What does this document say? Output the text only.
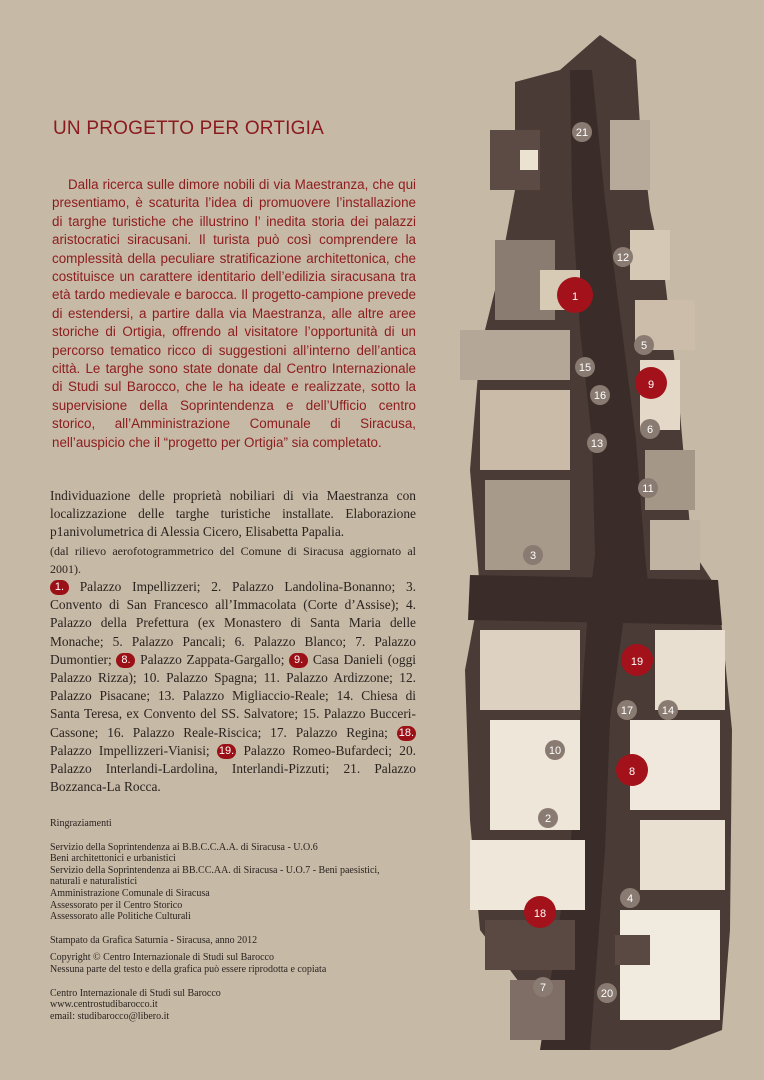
UN PROGETTO PER ORTIGIA

Dalla ricerca sulle dimore nobili di via Maestranza, che qui presentiamo, è scaturita l’idea di promuovere l’installazione di targhe turistiche che illustrino l’ inedita storia dei palazzi aristocratici siracusani. Il turista può così comprendere la complessità della peculiare stratificazione architettonica, che costituisce un carattere identitario dell’edilizia siracusana tra età tardo medievale e barocca. Il progetto-campione prevede di estendersi, a partire dalla via Maestranza, alle altre aree storiche di Ortigia, offrendo al visitatore l’opportunità di un percorso tematico ricco di suggestioni all’interno dell’antica città. Le targhe sono state donate dal Centro Internazionale di Studi sul Barocco, che le ha ideate e realizzate, sotto la supervisione della Soprintendenza e dell’Ufficio centro storico, all’Amministrazione Comunale di Siracusa, nell’auspicio che il “progetto per Ortigia” sia completato.

Individuazione delle proprietà nobiliari di via Maestranza con localizzazione delle targhe turistiche installate. Elaborazione p1anivolumetrica di Alessia Cicero, Elisabetta Papalia.

(dal rilievo aerofotogrammetrico del Comune di Siracusa aggiornato al 2001).

1. Palazzo Impellizzeri; 2. Palazzo Landolina-Bonanno; 3. Convento di San Francesco all’Immacolata (Corte d’Assise); 4. Palazzo della Prefettura (ex Monastero di Santa Maria delle Monache; 5. Palazzo Pancali; 6. Palazzo Blanco; 7. Palazzo Dumontier; 8. Palazzo Zappata-Gargallo; 9. Casa Danieli (oggi Palazzo Rizza); 10. Palazzo Spagna; 11. Palazzo Ardizzone; 12. Palazzo Pisacane; 13. Palazzo Migliaccio-Reale; 14. Chiesa di Santa Teresa, ex Convento del SS. Salvatore; 15. Palazzo Bucceri-Cassone; 16. Palazzo Reale-Riscica; 17. Palazzo Regina; 18. Palazzo Impellizzeri-Vianisi; 19. Palazzo Romeo-Bufardeci; 20. Palazzo Interlandi-Lardolina, Interlandi-Pizzuti; 21. Palazzo Bozzanca-La Rocca.

Ringraziamenti

Servizio della Soprintendenza ai B.B.C.C.A.A. di Siracusa - U.O.6

Beni architettonici e urbanistici

Servizio della Soprintendenza ai BB.CC.AA. di Siracusa - U.O.7 - Beni paesistici,

naturali e naturalistici

Amministrazione Comunale di Siracusa

Assessorato per il Centro Storico

Assessorato alle Politiche Culturali

Stampato da Grafica Saturnia - Siracusa, anno 2012

Copyright © Centro Internazionale di Studi sul Barocco

Nessuna parte del testo e della grafica può essere riprodotta e copiata

Centro Internazionale di Studi sul Barocco

www.centrostudibarocco.it

email: studibarocco@libero.it

21
12
1
5
9
15
16
6
13
11
3
19
17	14
10
8
2
4
18
7	20
